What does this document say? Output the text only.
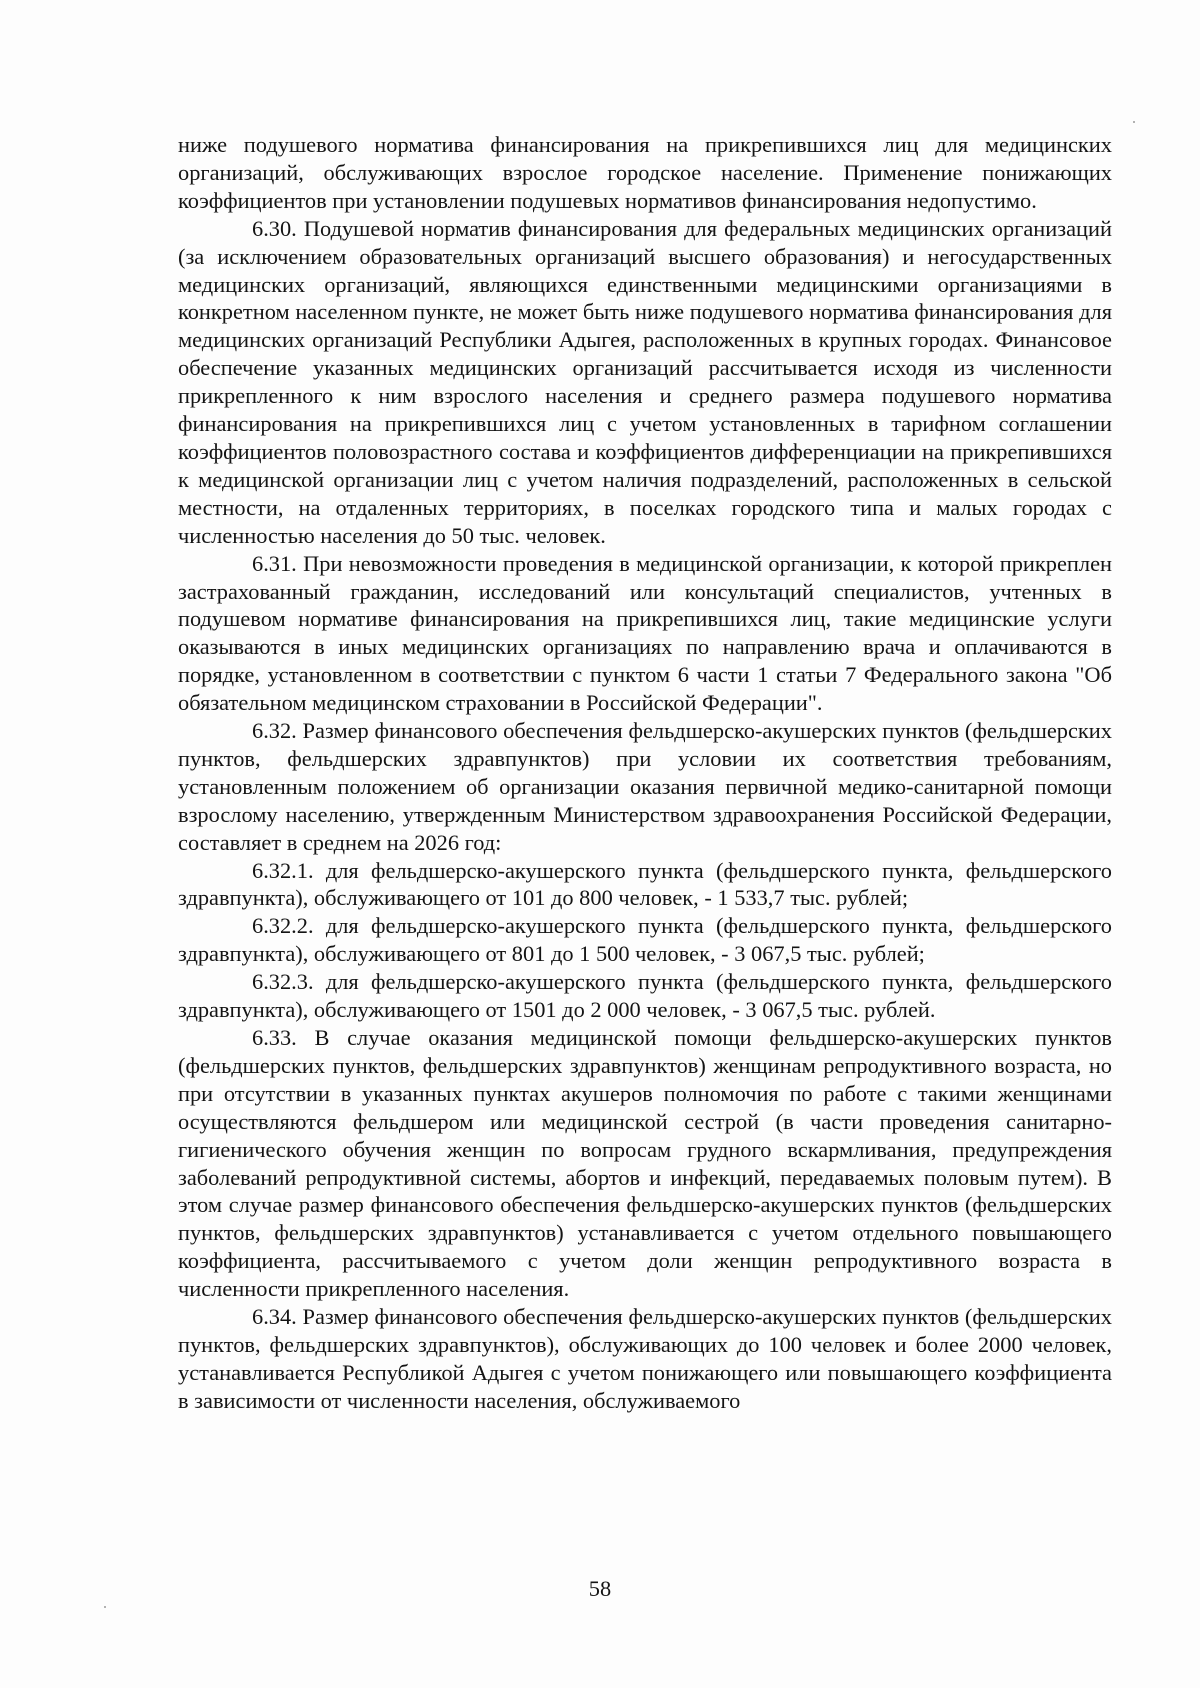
ниже подушевого норматива финансирования на прикрепившихся лиц для медицинских организаций, обслуживающих взрослое городское население. Применение понижающих коэффициентов при установлении подушевых нормативов финансирования недопустимо.

6.30. Подушевой норматив финансирования для федеральных медицинских организаций (за исключением образовательных организаций высшего образования) и негосударственных медицинских организаций, являющихся единственными медицинскими организациями в конкретном населенном пункте, не может быть ниже подушевого норматива финансирования для медицинских организаций Республики Адыгея, расположенных в крупных городах. Финансовое обеспечение указанных медицинских организаций рассчитывается исходя из численности прикрепленного к ним взрослого населения и среднего размера подушевого норматива финансирования на прикрепившихся лиц с учетом установленных в тарифном соглашении коэффициентов половозрастного состава и коэффициентов дифференциации на прикрепившихся к медицинской организации лиц с учетом наличия подразделений, расположенных в сельской местности, на отдаленных территориях, в поселках городского типа и малых городах с численностью населения до 50 тыс. человек.

6.31. При невозможности проведения в медицинской организации, к которой прикреплен застрахованный гражданин, исследований или консультаций специалистов, учтенных в подушевом нормативе финансирования на прикрепившихся лиц, такие медицинские услуги оказываются в иных медицинских организациях по направлению врача и оплачиваются в порядке, установленном в соответствии с пунктом 6 части 1 статьи 7 Федерального закона "Об обязательном медицинском страховании в Российской Федерации".

6.32. Размер финансового обеспечения фельдшерско-акушерских пунктов (фельдшерских пунктов, фельдшерских здравпунктов) при условии их соответствия требованиям, установленным положением об организации оказания первичной медико-санитарной помощи взрослому населению, утвержденным Министерством здравоохранения Российской Федерации, составляет в среднем на 2026 год:

6.32.1. для фельдшерско-акушерского пункта (фельдшерского пункта, фельдшерского здравпункта), обслуживающего от 101 до 800 человек, - 1 533,7 тыс. рублей;

6.32.2. для фельдшерско-акушерского пункта (фельдшерского пункта, фельдшерского здравпункта), обслуживающего от 801 до 1 500 человек, - 3 067,5 тыс. рублей;

6.32.3. для фельдшерско-акушерского пункта (фельдшерского пункта, фельдшерского здравпункта), обслуживающего от 1501 до 2 000 человек, - 3 067,5 тыс. рублей.

6.33. В случае оказания медицинской помощи фельдшерско-акушерских пунктов (фельдшерских пунктов, фельдшерских здравпунктов) женщинам репродуктивного возраста, но при отсутствии в указанных пунктах акушеров полномочия по работе с такими женщинами осуществляются фельдшером или медицинской сестрой (в части проведения санитарно-гигиенического обучения женщин по вопросам грудного вскармливания, предупреждения заболеваний репродуктивной системы, абортов и инфекций, передаваемых половым путем). В этом случае размер финансового обеспечения фельдшерско-акушерских пунктов (фельдшерских пунктов, фельдшерских здравпунктов) устанавливается с учетом отдельного повышающего коэффициента, рассчитываемого с учетом доли женщин репродуктивного возраста в численности прикрепленного населения.

6.34. Размер финансового обеспечения фельдшерско-акушерских пунктов (фельдшерских пунктов, фельдшерских здравпунктов), обслуживающих до 100 человек и более 2000 человек, устанавливается Республикой Адыгея с учетом понижающего или повышающего коэффициента в зависимости от численности населения, обслуживаемого

58
